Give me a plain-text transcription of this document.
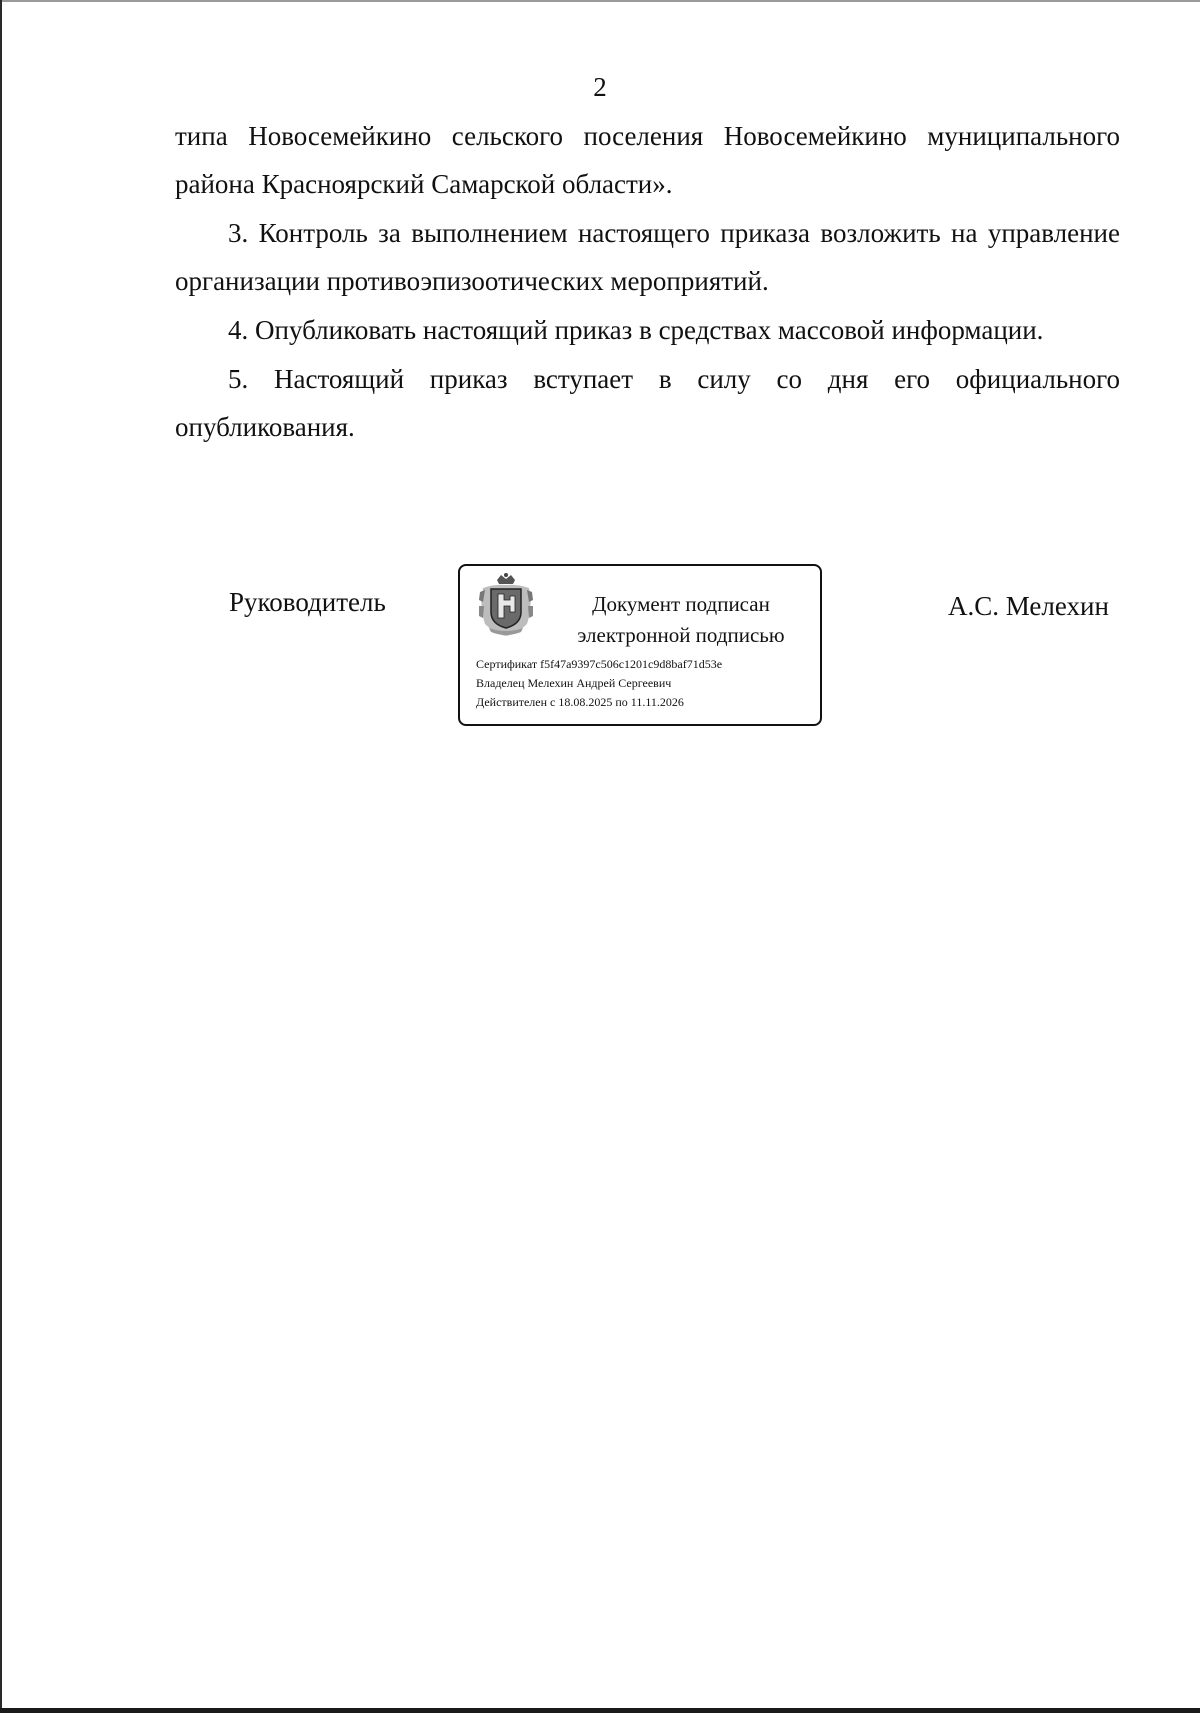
2

типа Новосемейкино сельского поселения Новосемейкино муниципального района Красноярский Самарской области».

3. Контроль за выполнением настоящего приказа возложить на управление организации противоэпизоотических мероприятий.

4. Опубликовать настоящий приказ в средствах массовой информации.

5. Настоящий приказ вступает в силу со дня его официального опубликования.

Руководитель	Документ подписан
электронной подписью
Сертификат f5f47a9397c506c1201c9d8baf71d53e
Владелец Мелехин Андрей Сергеевич
Действителен с 18.08.2025 по 11.11.2026
А.С. Мелехин
